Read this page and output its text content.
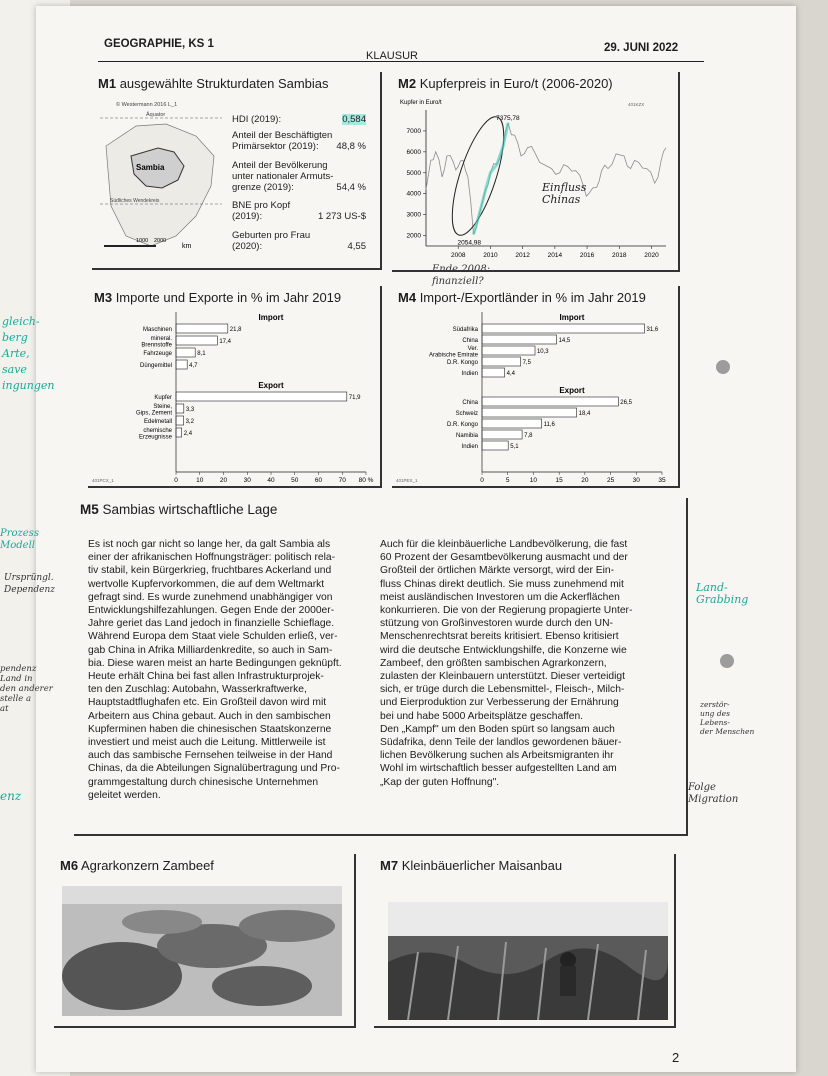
GEOGRAPHIE, KS 1
KLAUSUR
29. JUNI 2022
M1 ausgewählte Strukturdaten Sambias
© Westermann 2016 L_1
Äquator
Sambia
Südliches Wendekreis
1000 2000
km
HDI (2019):	0,584
Anteil der Beschäftigten
Primärsektor (2019):	48,8 %
Anteil der Bevölkerung
unter nationaler Armuts-
grenze (2019):	54,4 %
BNE pro Kopf
(2019):	1 273 US-$
Geburten pro Frau
(2020):	4,55
M2 Kupferpreis in Euro/t (2006-2020)
Kupfer in Euro/t	401KZX
2000
3000
4000
5000
6000
7000
2008	2010	2012	2014	2016	2018	2020
7375,78
2054,98
Einfluss
Chinas
Ende 2008:
finanziell?
M3 Importe und Exporte in % im Jahr 2019
Import
Maschinen	21,8
mineral.
Brennstoffe
17,4
Fahrzeuge	8,1
Düngemittel	4,7
Export
Kupfer	71,9
Steine,
Gips, Zement
3,3
Edelmetall 3,2
chemische
Erzeugnisse
2,4
0	10	20	30	40	50	60	70 80 %
401PCX_1
M4 Import-/Exportländer in % im Jahr 2019
Import
Südafrika	31,6
China	14,5
Ver.
Arabische Emirate
10,3
D.R. Kongo	7,5
Indien	4,4
Export
China	26,5
Schweiz	18,4
D.R. Kongo	11,6
Namibia	7,8
Indien	5,1
0	5	10	15	20	25	30	35
401PEX_1
M5 Sambias wirtschaftliche Lage
Es ist noch gar nicht so lange her, da galt Sambia als
einer der afrikanischen Hoffnungsträger: politisch rela-
tiv stabil, kein Bürgerkrieg, fruchtbares Ackerland und
wertvolle Kupfervorkommen, die auf dem Weltmarkt
gefragt sind. Es wurde zunehmend unabhängiger von
Entwicklungshilfezahlungen. Gegen Ende der 2000er-
Jahre geriet das Land jedoch in finanzielle Schieflage.
Während Europa dem Staat viele Schulden erließ, ver-
gab China in Afrika Milliardenkredite, so auch in Sam-
bia. Diese waren meist an harte Bedingungen geknüpft.
Heute erhält China bei fast allen Infrastrukturprojek-
ten den Zuschlag: Autobahn, Wasserkraftwerke,
Hauptstadtflughafen etc. Ein Großteil davon wird mit
Arbeitern aus China gebaut. Auch in den sambischen
Kupferminen haben die chinesischen Staatskonzerne
investiert und meist auch die Leitung. Mittlerweile ist
auch das sambische Fernsehen teilweise in der Hand
Chinas, da die Abteilungen Signalübertragung und Pro-
grammgestaltung durch chinesische Unternehmen
geleitet werden.
Auch für die kleinbäuerliche Landbevölkerung, die fast
60 Prozent der Gesamtbevölkerung ausmacht und der
Großteil der örtlichen Märkte versorgt, wird der Ein-
fluss Chinas direkt deutlich. Sie muss zunehmend mit
meist ausländischen Investoren um die Ackerflächen
konkurrieren. Die von der Regierung propagierte Unter-
stützung von Großinvestoren wurde durch den UN-
Menschenrechtsrat bereits kritisiert. Ebenso kritisiert
wird die deutsche Entwicklungshilfe, die Konzerne wie
Zambeef, den größten sambischen Agrarkonzern,
zulasten der Kleinbauern unterstützt. Dieser verteidigt
sich, er trüge durch die Lebensmittel-, Fleisch-, Milch-
und Eierproduktion zur Verbesserung der Ernährung
bei und habe 5000 Arbeitsplätze geschaffen.
Den „Kampf" um den Boden spürt so langsam auch
Südafrika, denn Teile der landlos gewordenen bäuer-
lichen Bevölkerung suchen als Arbeitsmigranten ihr
Wohl im wirtschaftlich besser aufgestellten Land am
„Kap der guten Hoffnung".
M6 Agrarkonzern Zambeef	M7 Kleinbäuerlicher Maisanbau
2
Land-
Grabbing
zerstör-
ung des
Lebens-
der Menschen
Folge
Migration
gleich-
berg
Arte,
save
ingungen
Prozess
Modell
Ursprüngl.
Dependenz
pendenz
Land in
den anderer
stelle a
at
enz
